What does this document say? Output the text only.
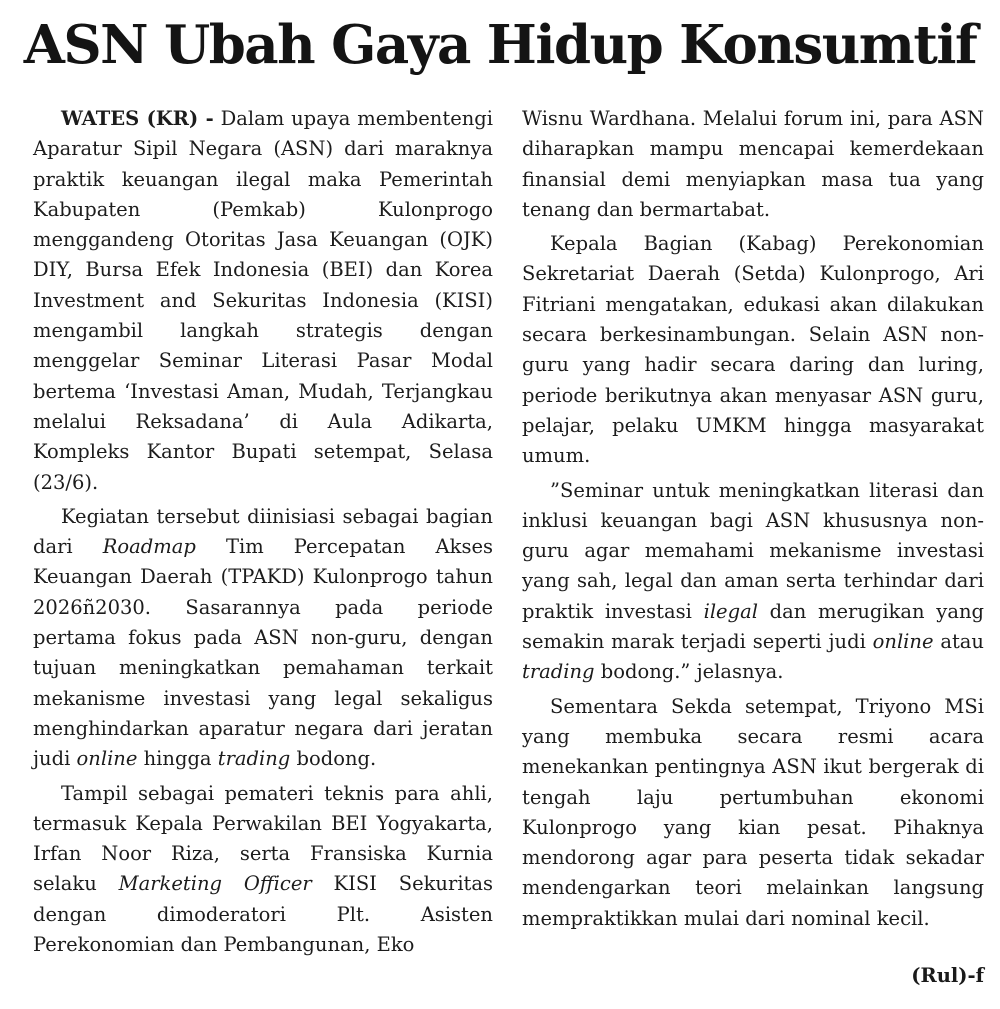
ASN Ubah Gaya Hidup Konsumtif

WATES (KR) - Dalam upaya membentengi Aparatur Sipil Negara (ASN) dari maraknya praktik keuangan ilegal maka Pemerintah Kabupaten (Pemkab) Kulonprogo menggandeng Otoritas Jasa Keuangan (OJK) DIY, Bursa Efek Indonesia (BEI) dan Korea Investment and Sekuritas Indonesia (KISI) mengambil langkah strategis dengan menggelar Seminar Literasi Pasar Modal bertema ‘Investasi Aman, Mudah, Terjangkau melalui Reksadana’ di Aula Adikarta, Kompleks Kantor Bupati setempat, Selasa (23/6).

Kegiatan tersebut diinisiasi sebagai bagian dari Roadmap Tim Percepatan Akses Keuangan Daerah (TPAKD) Kulonprogo tahun 2026ñ2030. Sasarannya pada periode pertama fokus pada ASN non-guru, dengan tujuan meningkatkan pemahaman terkait mekanisme investasi yang legal sekaligus menghindarkan aparatur negara dari jeratan judi online hingga trading bodong.

Tampil sebagai pemateri teknis para ahli, termasuk Kepala Perwakilan BEI Yogyakarta, Irfan Noor Riza, serta Fransiska Kurnia selaku Marketing Officer KISI Sekuritas dengan dimoderatori Plt. Asisten Perekonomian dan Pembangunan, Eko

Wisnu Wardhana. Melalui forum ini, para ASN diharapkan mampu mencapai kemerdekaan finansial demi menyiapkan masa tua yang tenang dan bermartabat.

Kepala Bagian (Kabag) Perekonomian Sekretariat Daerah (Setda) Kulonprogo, Ari Fitriani mengatakan, edukasi akan dilakukan secara berkesinambungan. Selain ASN non-guru yang hadir secara daring dan luring, periode berikutnya akan menyasar ASN guru, pelajar, pelaku UMKM hingga masyarakat umum.

”Seminar untuk meningkatkan literasi dan inklusi keuangan bagi ASN khususnya non-guru agar memahami mekanisme investasi yang sah, legal dan aman serta terhindar dari praktik investasi ilegal dan merugikan yang semakin marak terjadi seperti judi online atau trading bodong.” jelasnya.

Sementara Sekda setempat, Triyono MSi yang membuka secara resmi acara menekankan pentingnya ASN ikut bergerak di tengah laju pertumbuhan ekonomi Kulonprogo yang kian pesat. Pihaknya mendorong agar para peserta tidak sekadar mendengarkan teori melainkan langsung mempraktikkan mulai dari nominal kecil.

(Rul)-f
